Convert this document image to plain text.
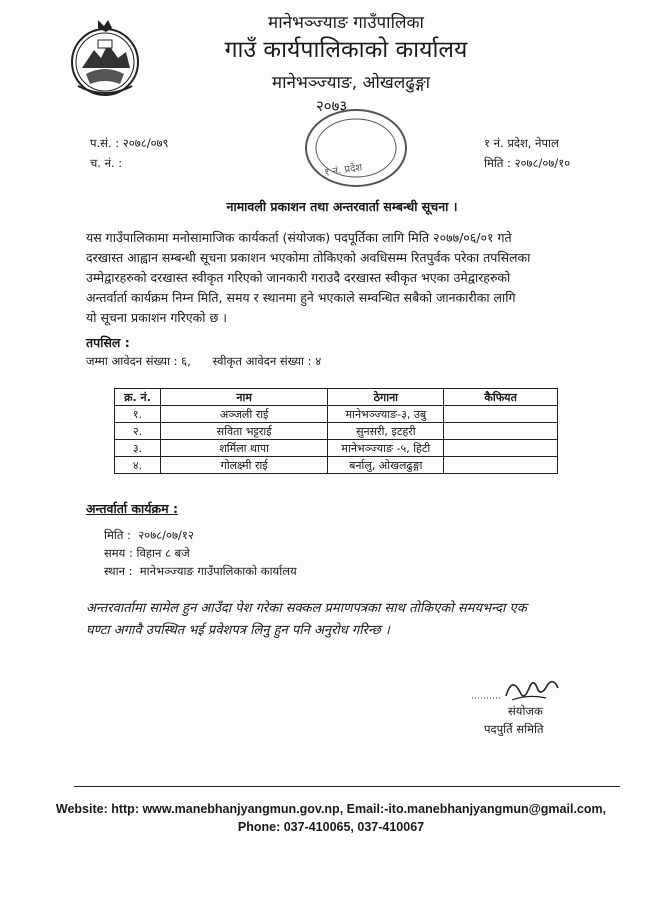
मानेभञ्ज्याङ गाउँपालिका
गाउँ कार्यपालिकाको कार्यालय
मानेभञ्ज्याङ, ओखलढुङ्गा
२०७३
प.सं. : २०७८/०७९
च. नं. :
१ नं. प्रदेश, नेपाल
मिति : २०७८/०७/१०
१ नं. प्रदेश
नामावली प्रकाशन तथा अन्तरवार्ता सम्बन्धी सूचना ।
यस गाउँपालिकामा मनोसामाजिक कार्यकर्ता (संयोजक) पदपूर्तिका लागि मिति २०७७/०६/०१ गते
दरखास्त आह्वान सम्बन्धी सूचना प्रकाशन भएकोमा तोकिएको अवधिसम्म रितपुर्वक परेका तपसिलका
उम्मेद्वारहरुको दरखास्त स्वीकृत गरिएको जानकारी गराउदै दरखास्त स्वीकृत भएका उमेद्वारहरुको
अन्तर्वार्ता कार्यक्रम निम्न मिति, समय र स्थानमा हुने भएकाले सम्वन्धित सबैको जानकारीका लागि
यो सूचना प्रकाशन गरिएको छ ।
तपसिल :
जम्मा आवेदन संख्या : ६,      स्वीकृत आवेदन संख्या : ४
क्र. नं.	नाम	ठेगाना	कैफियत
१.	अञ्जली राई	मानेभञ्ज्याङ-३, उबु	
२.	सविता भट्टराई	सुनसरी, इटहरी	
३.	शर्मिला थापा	मानेभञ्ज्याङ -५, हिटी	
४.	गोलक्ष्मी राई	बर्नालु, ओखलढुङ्गा	
अन्तर्वार्ता कार्यक्रम :
मिति :  २०७८/०७/१२
समय : विहान ८ बजे
स्थान :  मानेभञ्ज्याङ गाउँपालिकाको कार्यालय
अन्तरवार्तामा सामेल हुन आउँदा पेश गरेका सक्कल प्रमाणपत्रका साथ तोकिएको समयभन्दा एक
घण्टा अगावै उपस्थित भई प्रवेशपत्र लिनु हुन पनि अनुरोध गरिन्छ ।
संयोजक
पदपुर्ति समिति
Website: http: www.manebhanjyangmun.gov.np, Email:-ito.manebhanjyangmun@gmail.com,
Phone: 037-410065, 037-410067
